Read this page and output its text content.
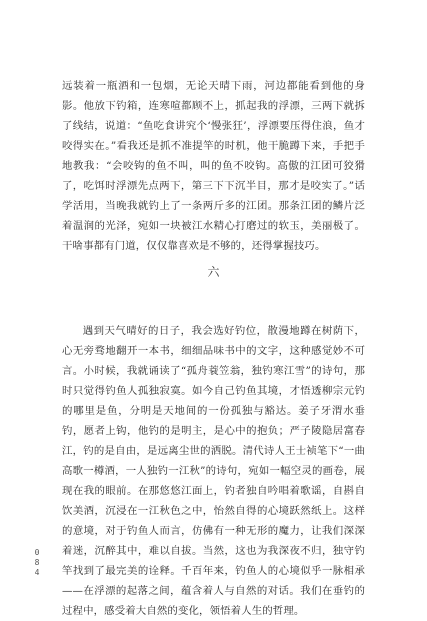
远装着一瓶酒和一包烟，无论天晴下雨，河边都能看到他的身影。他放下钓箱，连寒喧都顾不上，抓起我的浮漂，三两下就拆了线结，说道：“鱼吃食讲究个‘慢张狂’，浮漂要压得住浪，鱼才咬得实在。”看我还是抓不准提竿的时机，他干脆蹲下来，手把手地教我：“会咬钩的鱼不叫，叫的鱼不咬钩。高傲的江团可狡猾了，吃饵时浮漂先点两下，第三下下沉半目，那才是咬实了。”话学活用，当晚我就钓上了一条两斤多的江团。那条江团的鳞片泛着温润的光泽，宛如一块被江水精心打磨过的软玉，美丽极了。干啥事都有门道，仅仅靠喜欢是不够的，还得掌握技巧。

六

遇到天气晴好的日子，我会选好钓位，散漫地蹲在树荫下，心无旁骛地翻开一本书，细细品味书中的文字，这种感觉妙不可言。小时候，我就诵读了“孤舟蓑笠翁，独钓寒江雪”的诗句，那时只觉得钓鱼人孤独寂寞。如今自己钓鱼其境，才悟透柳宗元钓的哪里是鱼，分明是天地间的一份孤独与豁达。姜子牙渭水垂钓，愿者上钩，他钓的是明主，是心中的抱负；严子陵隐居富春江，钓的是自由，是远离尘世的洒脱。清代诗人王士祯笔下“一曲高歌一樽酒，一人独钓一江秋”的诗句，宛如一幅空灵的画卷，展现在我的眼前。在那悠悠江面上，钓者独自吟唱着歌谣，自斟自饮美酒，沉浸在一江秋色之中，怡然自得的心境跃然纸上。这样的意境，对于钓鱼人而言，仿佛有一种无形的魔力，让我们深深着迷，沉醉其中，难以自拔。当然，这也为我深夜不归，独守钓竿找到了最完美的诠释。千百年来，钓鱼人的心境似乎一脉相承——在浮漂的起落之间，蕴含着人与自然的对话。我们在垂钓的过程中，感受着大自然的变化，领悟着人生的哲理。

0
8
4
